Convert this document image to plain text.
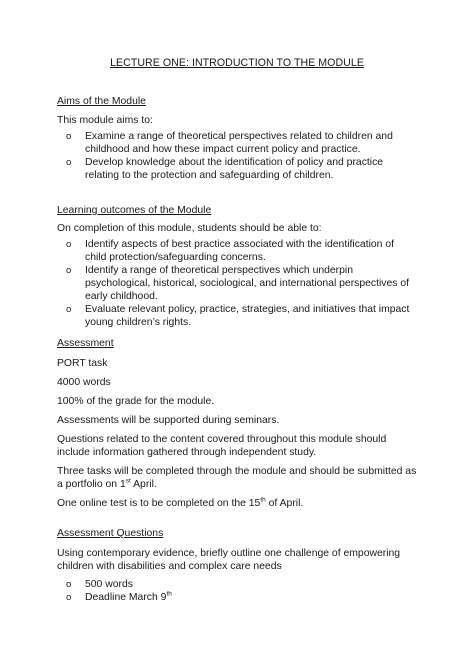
LECTURE ONE: INTRODUCTION TO THE MODULE
Aims of the Module
This module aims to:
o Examine a range of theoretical perspectives related to children and childhood and how these impact current policy and practice.
o Develop knowledge about the identification of policy and practice relating to the protection and safeguarding of children.
Learning outcomes of the Module
On completion of this module, students should be able to:
o Identify aspects of best practice associated with the identification of child protection/safeguarding concerns.
o Identify a range of theoretical perspectives which underpin psychological, historical, sociological, and international perspectives of early childhood.
o Evaluate relevant policy, practice, strategies, and initiatives that impact young children’s rights.
Assessment
PORT task
4000 words
100% of the grade for the module.
Assessments will be supported during seminars.
Questions related to the content covered throughout this module should include information gathered through independent study.
Three tasks will be completed through the module and should be submitted as a portfolio on 1st April.
One online test is to be completed on the 15th of April.
Assessment Questions
Using contemporary evidence, briefly outline one challenge of empowering children with disabilities and complex care needs
o 500 words
o Deadline March 9th
